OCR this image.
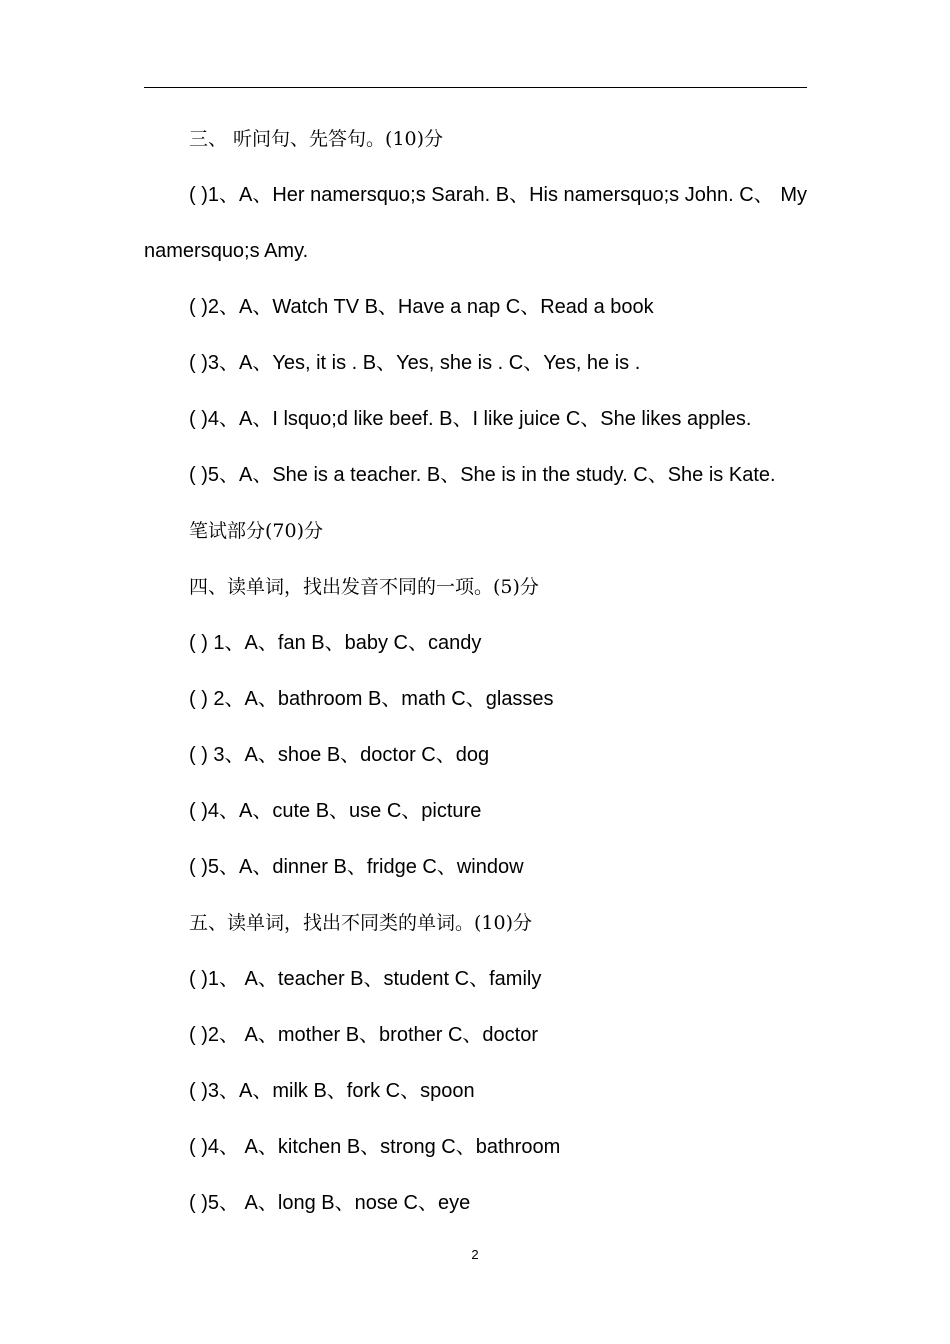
三、 听问句、先答句。(10)分
( )1、A、Her namersquo;s Sarah. B、His namersquo;s John. C、 My
namersquo;s Amy.
( )2、A、Watch TV B、Have a nap C、Read a book
( )3、A、Yes, it is . B、Yes, she is . C、Yes, he is .
( )4、A、I lsquo;d like beef. B、I like juice C、She likes apples.
( )5、A、She is a teacher. B、She is in the study. C、She is Kate.
笔试部分(70)分
四、读单词，找出发音不同的一项。(5)分
( ) 1、A、fan B、baby C、candy
( ) 2、A、bathroom B、math C、glasses
( ) 3、A、shoe B、doctor C、dog
( )4、A、cute B、use C、picture
( )5、A、dinner B、fridge C、window
五、读单词，找出不同类的单词。(10)分
( )1、 A、teacher B、student C、family
( )2、 A、mother B、brother C、doctor
( )3、A、milk B、fork C、spoon
( )4、 A、kitchen B、strong C、bathroom
( )5、 A、long B、nose C、eye
2
